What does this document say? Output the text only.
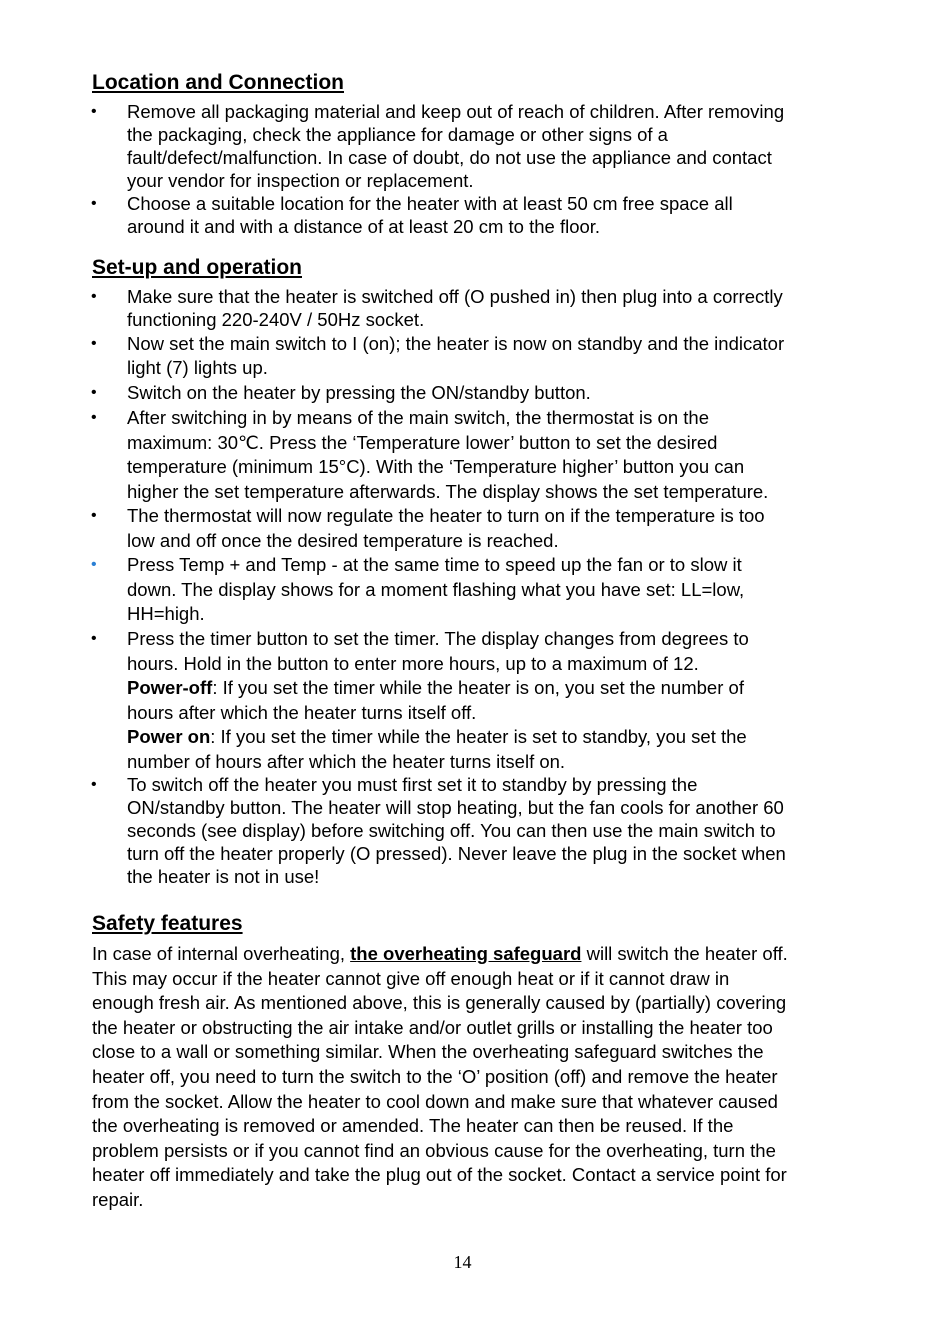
Location and Connection
• Remove all packaging material and keep out of reach of children. After removing
the packaging, check the appliance for damage or other signs of a
fault/defect/malfunction. In case of doubt, do not use the appliance and contact
your vendor for inspection or replacement.
• Choose a suitable location for the heater with at least 50 cm free space all
around it and with a distance of at least 20 cm to the floor.
Set-up and operation
• Make sure that the heater is switched off (O pushed in) then plug into a correctly
functioning 220-240V / 50Hz socket.
• Now set the main switch to I (on); the heater is now on standby and the indicator
light (7) lights up.
• Switch on the heater by pressing the ON/standby button.
• After switching in by means of the main switch, the thermostat is on the
maximum: 30℃. Press the ‘Temperature lower’ button to set the desired
temperature (minimum 15°C). With the ‘Temperature higher’ button you can
higher the set temperature afterwards. The display shows the set temperature.
• The thermostat will now regulate the heater to turn on if the temperature is too
low and off once the desired temperature is reached.
• Press Temp + and Temp - at the same time to speed up the fan or to slow it
down. The display shows for a moment flashing what you have set: LL=low,
HH=high.
• Press the timer button to set the timer. The display changes from degrees to
hours. Hold in the button to enter more hours, up to a maximum of 12.
Power-off: If you set the timer while the heater is on, you set the number of
hours after which the heater turns itself off.
Power on: If you set the timer while the heater is set to standby, you set the
number of hours after which the heater turns itself on.
• To switch off the heater you must first set it to standby by pressing the
ON/standby button. The heater will stop heating, but the fan cools for another 60
seconds (see display) before switching off. You can then use the main switch to
turn off the heater properly (O pressed). Never leave the plug in the socket when
the heater is not in use!
Safety features
In case of internal overheating, the overheating safeguard will switch the heater off.
This may occur if the heater cannot give off enough heat or if it cannot draw in
enough fresh air. As mentioned above, this is generally caused by (partially) covering
the heater or obstructing the air intake and/or outlet grills or installing the heater too
close to a wall or something similar. When the overheating safeguard switches the
heater off, you need to turn the switch to the ‘O’ position (off) and remove the heater
from the socket. Allow the heater to cool down and make sure that whatever caused
the overheating is removed or amended. The heater can then be reused. If the
problem persists or if you cannot find an obvious cause for the overheating, turn the
heater off immediately and take the plug out of the socket. Contact a service point for
repair.
14
